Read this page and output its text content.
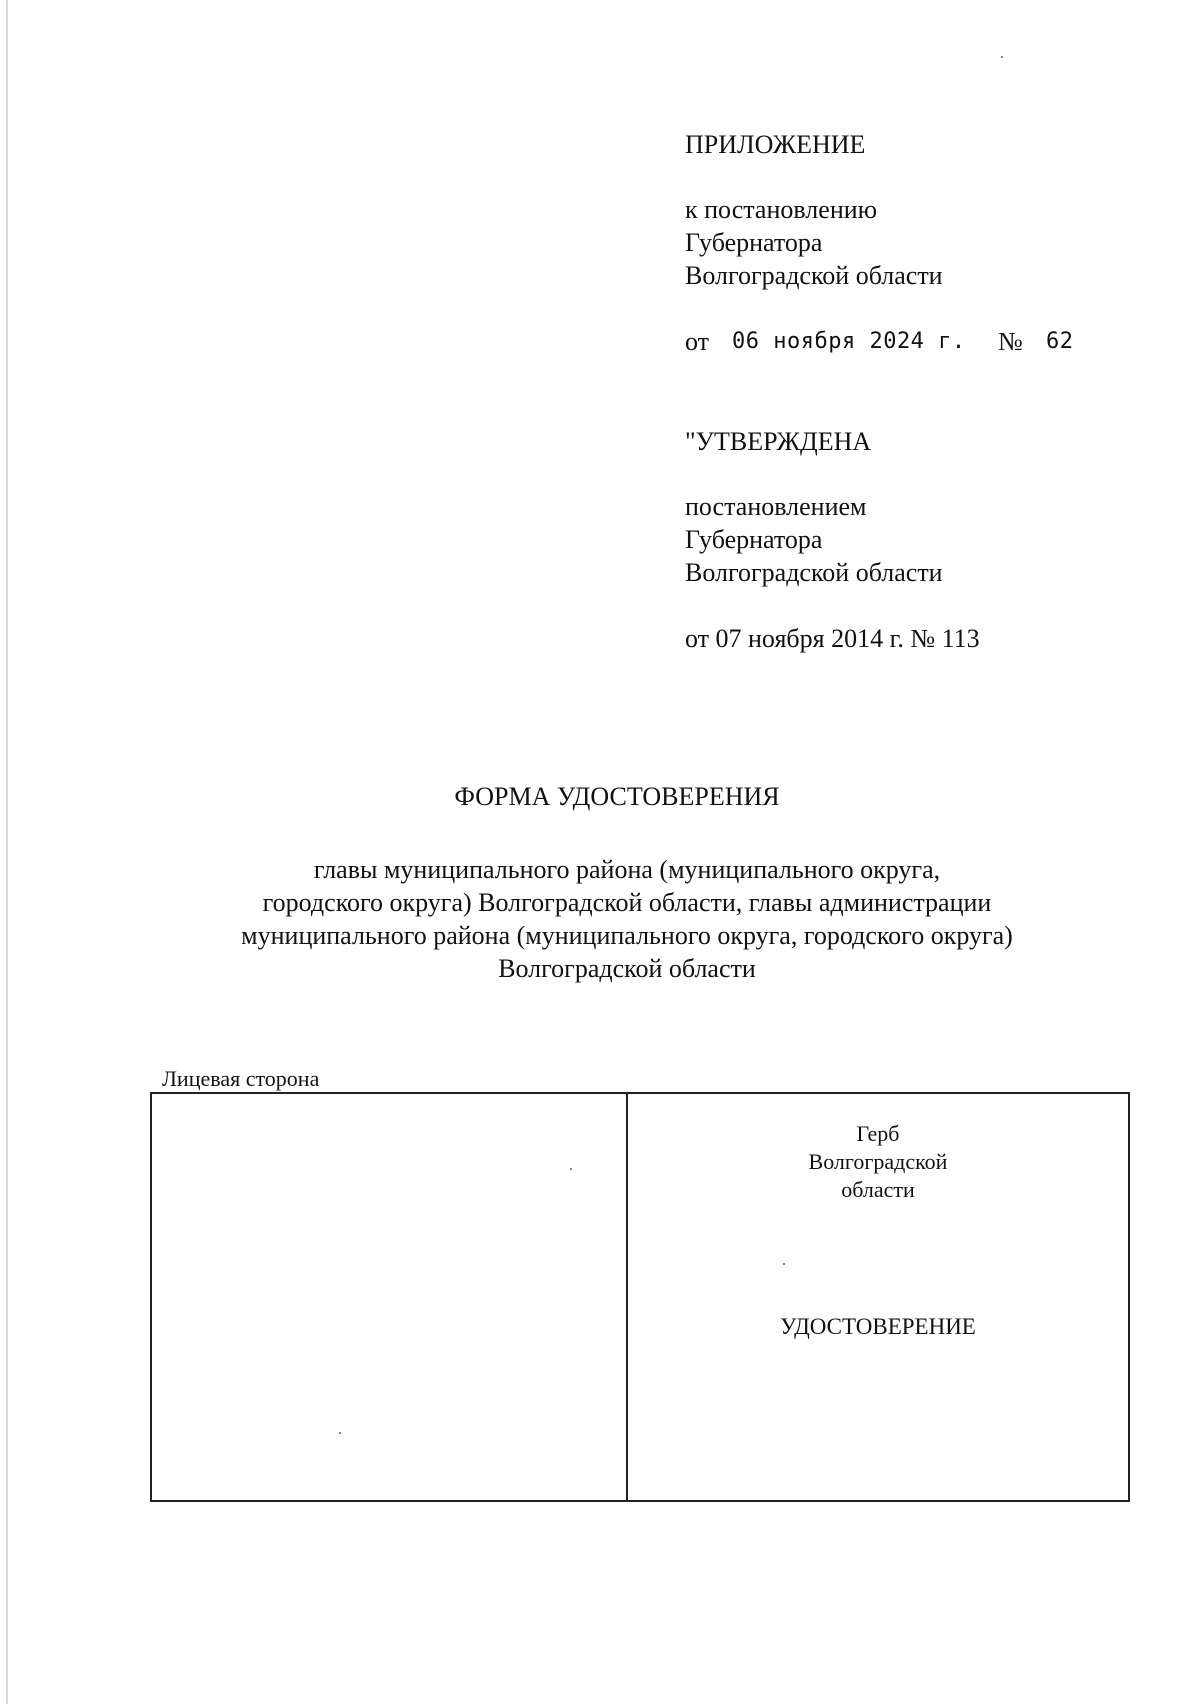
ПРИЛОЖЕНИЕ
к постановлению
Губернатора
Волгоградской области
от 06 ноября 2024 г. № 62
"УТВЕРЖДЕНА
постановлением
Губернатора
Волгоградской области
от 07 ноября 2014 г. № 113
ФОРМА УДОСТОВЕРЕНИЯ
главы муниципального района (муниципального округа,
городского округа) Волгоградской области, главы администрации
муниципального района (муниципального округа, городского округа)
Волгоградской области
Лицевая сторона
Герб
Волгоградской
области
УДОСТОВЕРЕНИЕ
